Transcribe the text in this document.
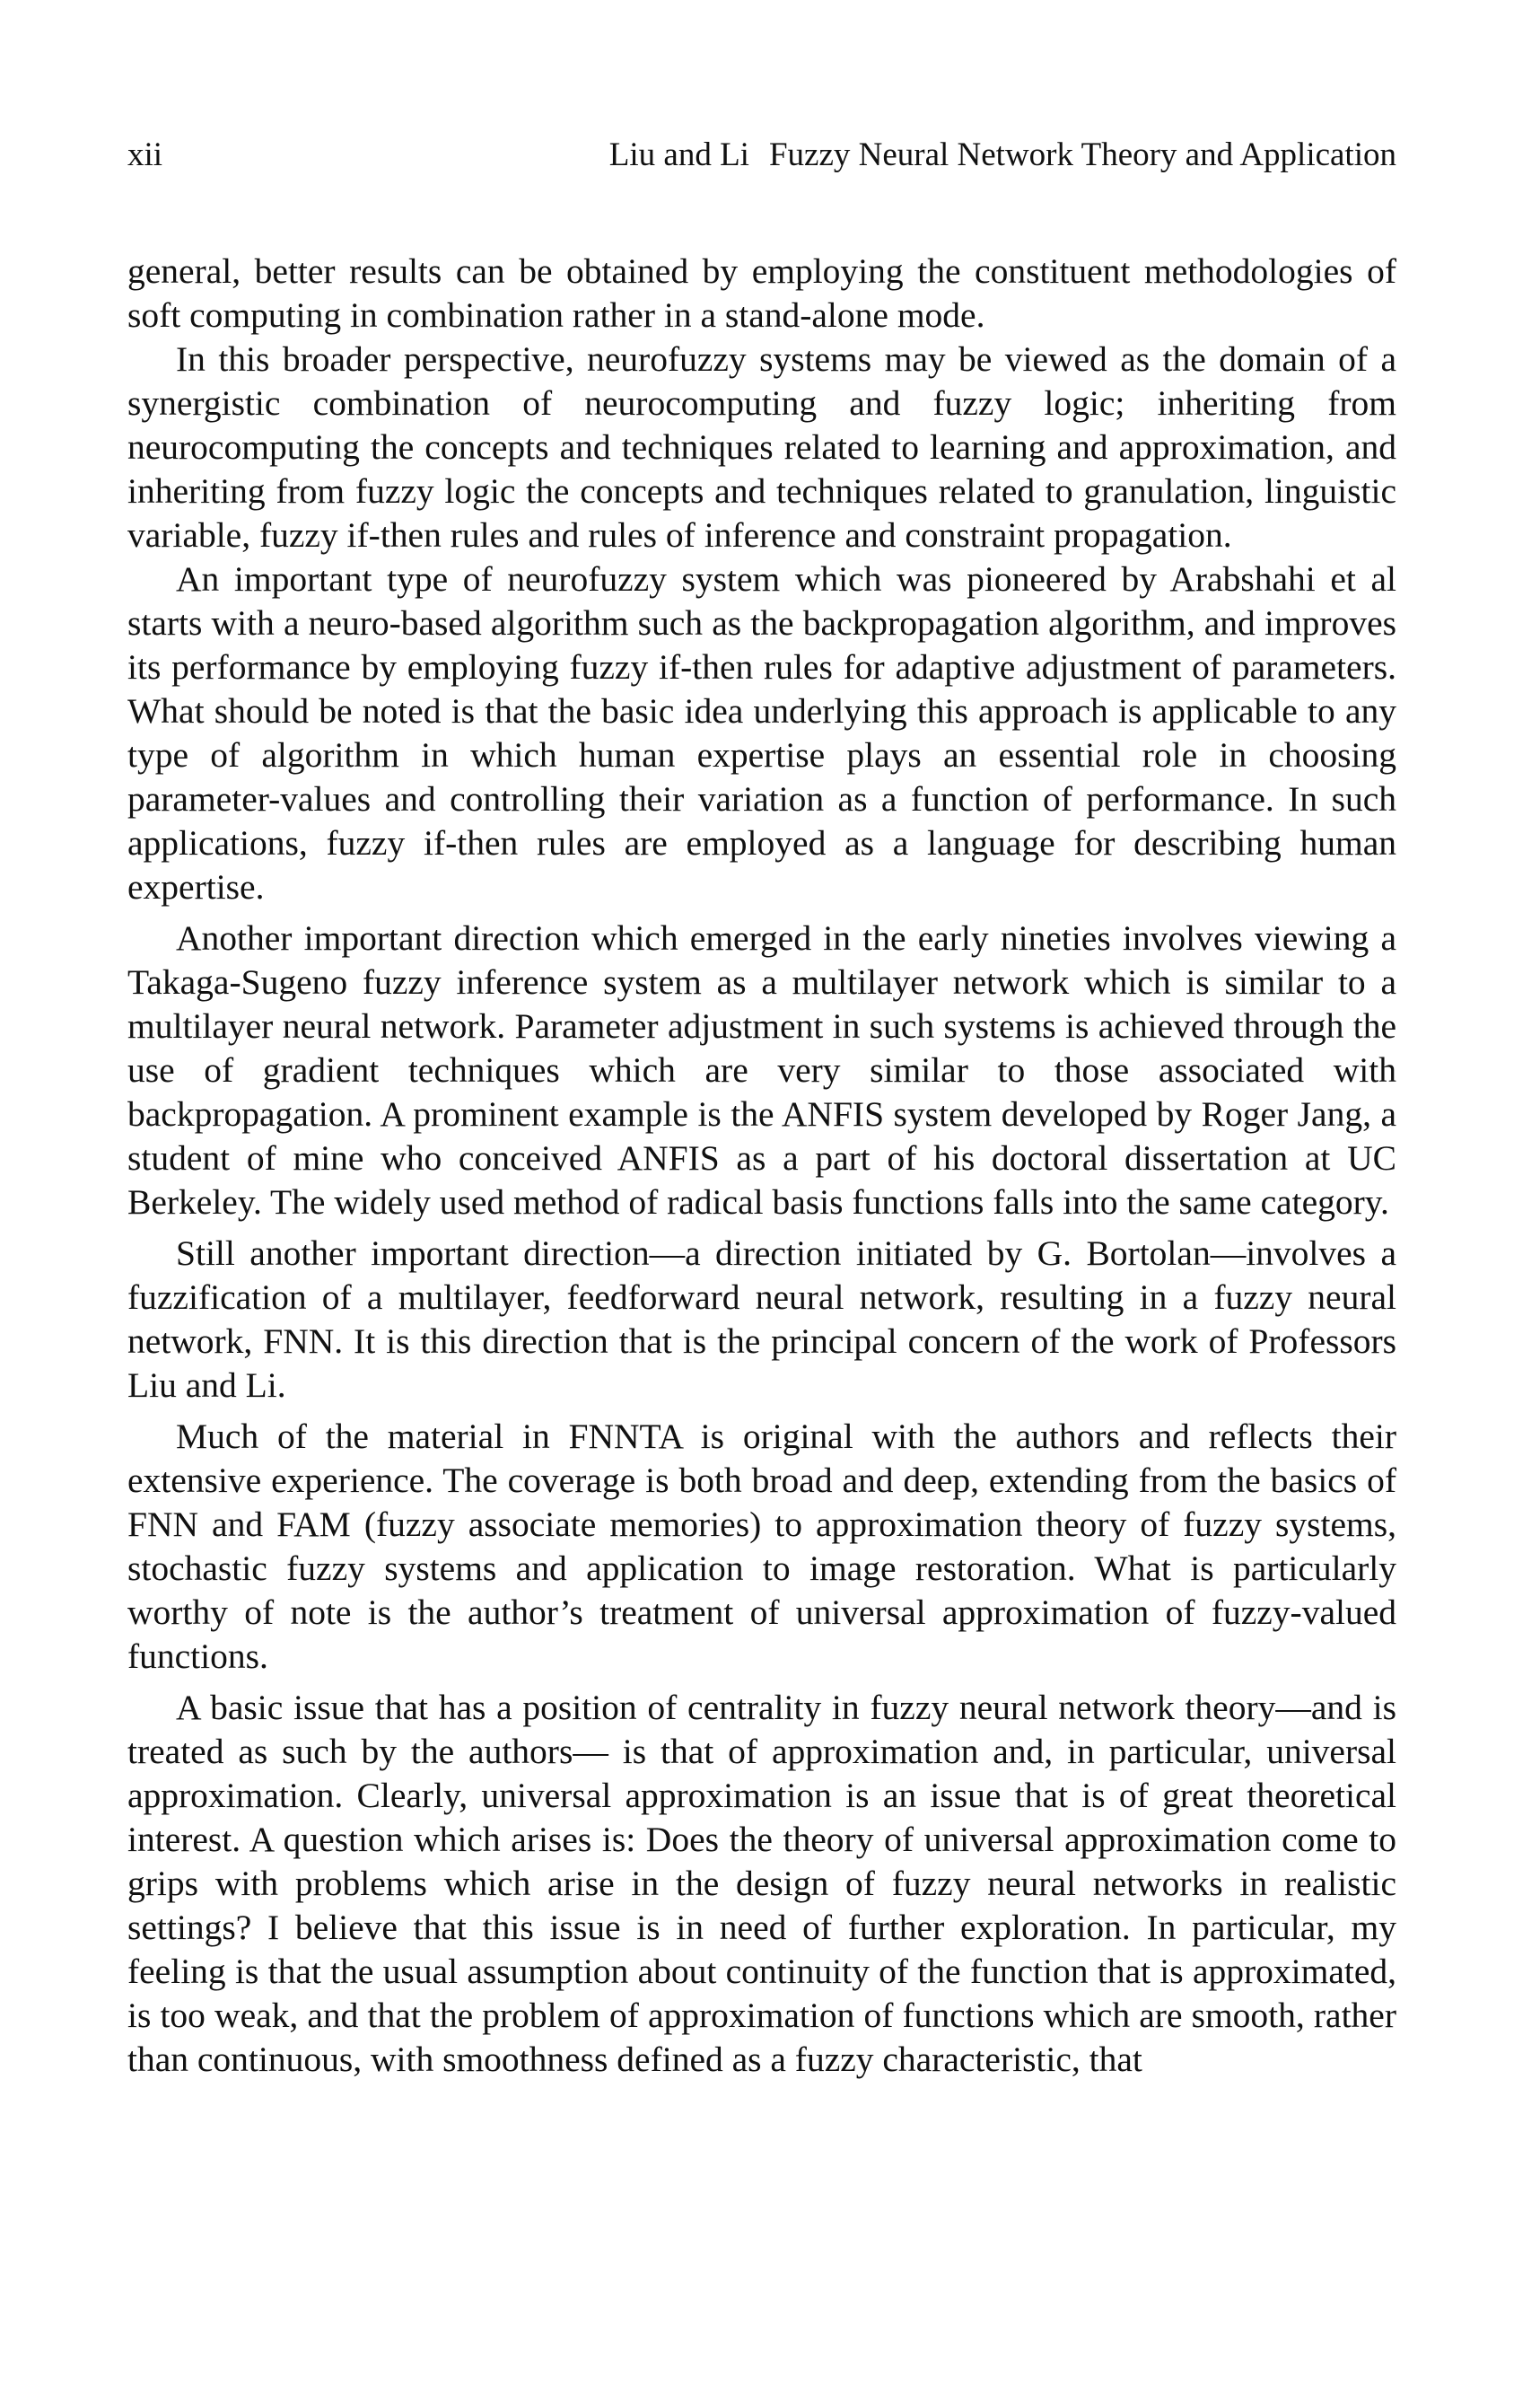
xii	Liu and Li Fuzzy Neural Network Theory and Application

general, better results can be obtained by employing the constituent methodologies of soft computing in combination rather in a stand-alone mode.

In this broader perspective, neurofuzzy systems may be viewed as the domain of a synergistic combination of neurocomputing and fuzzy logic; inheriting from neurocomputing the concepts and techniques related to learning and approximation, and inheriting from fuzzy logic the concepts and techniques related to granulation, linguistic variable, fuzzy if-then rules and rules of inference and constraint propagation.

An important type of neurofuzzy system which was pioneered by Arabshahi et al starts with a neuro-based algorithm such as the backpropagation algorithm, and improves its performance by employing fuzzy if-then rules for adaptive adjustment of parameters. What should be noted is that the basic idea underlying this approach is applicable to any type of algorithm in which human expertise plays an essential role in choosing parameter-values and controlling their variation as a function of performance. In such applications, fuzzy if-then rules are employed as a language for describing human expertise.

Another important direction which emerged in the early nineties involves viewing a Takaga-Sugeno fuzzy inference system as a multilayer network which is similar to a multilayer neural network. Parameter adjustment in such systems is achieved through the use of gradient techniques which are very similar to those associated with backpropagation. A prominent example is the ANFIS system developed by Roger Jang, a student of mine who conceived ANFIS as a part of his doctoral dissertation at UC Berkeley. The widely used method of radical basis functions falls into the same category.

Still another important direction—a direction initiated by G. Bortolan—involves a fuzzification of a multilayer, feedforward neural network, resulting in a fuzzy neural network, FNN. It is this direction that is the principal concern of the work of Professors Liu and Li.

Much of the material in FNNTA is original with the authors and reflects their extensive experience. The coverage is both broad and deep, extending from the basics of FNN and FAM (fuzzy associate memories) to approximation theory of fuzzy systems, stochastic fuzzy systems and application to image restoration. What is particularly worthy of note is the author’s treatment of universal approximation of fuzzy-valued functions.

A basic issue that has a position of centrality in fuzzy neural network theory—and is treated as such by the authors— is that of approximation and, in particular, universal approximation. Clearly, universal approximation is an issue that is of great theoretical interest. A question which arises is: Does the theory of universal approximation come to grips with problems which arise in the design of fuzzy neural networks in realistic settings? I believe that this issue is in need of further exploration. In particular, my feeling is that the usual assumption about continuity of the function that is approximated, is too weak, and that the problem of approximation of functions which are smooth, rather than continuous, with smoothness defined as a fuzzy characteristic, that
